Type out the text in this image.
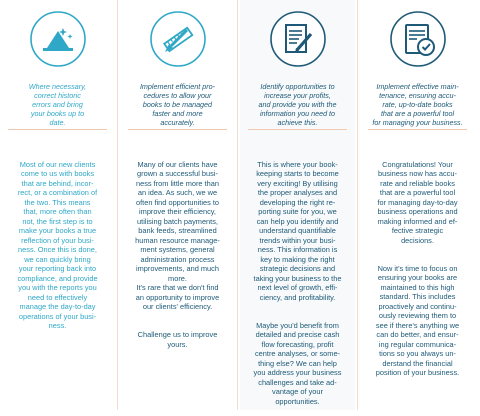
Where necessary,
correct historic
errors and bring
your books up to
date.

Most of our new clients
come to us with books
that are behind, incor-
rect, or a combination of
the two. This means
that, more often than
not, the first step is to
make your books a true
reflection of your busi-
ness. Once this is done,
we can quickly bring
your reporting back into
compliance, and provide
you with the reports you
need to effectively
manage the day-to-day
operations of your busi-
ness.

Implement efficient pro-
cedures to allow your
books to be managed
faster and more
accurately.

Many of our clients have
grown a successful busi-
ness from little more than
an idea. As such, we we
often find opportunities to
improve their efficiency,
utilising batch payments,
bank feeds, streamlined
human resource manage-
ment systems, general
administration process
improvements, and much
more.
It's rare that we don't find
an opportunity to improve
our clients' efficiency.

Challenge us to improve
yours.

Identify opportunities to
increase your profits,
and provide you with the
information you need to
achieve this.

This is where your book-
keeping starts to become
very exciting! By utilising
the proper analyses and
developing the right re-
porting suite for you, we
can help you identify and
understand quantifiable
trends within your busi-
ness. This information is
key to making the right
strategic decisions and
taking your business to the
next level of growth, effi-
ciency, and profitability.

Maybe you'd benefit from
detailed and precise cash
flow forecasting, profit
centre analyses, or some-
thing else? We can help
you address your business
challenges and take ad-
vantage of your
opportunities.

Implement effective main-
tenance, ensuring accu-
rate, up-to-date books
that are a powerful tool
for managing your business.

Congratulations! Your
business now has accu-
rate and reliable books
that are a powerful tool
for managing day-to-day
business operations and
making informed and ef-
fective strategic
decisions.

Now it's time to focus on
ensuring your books are
maintained to this high
standard. This includes
proactively and continu-
ously reviewing them to
see if there's anything we
can do better, and ensur-
ing regular communica-
tions so you always un-
derstand the financial
position of your business.
